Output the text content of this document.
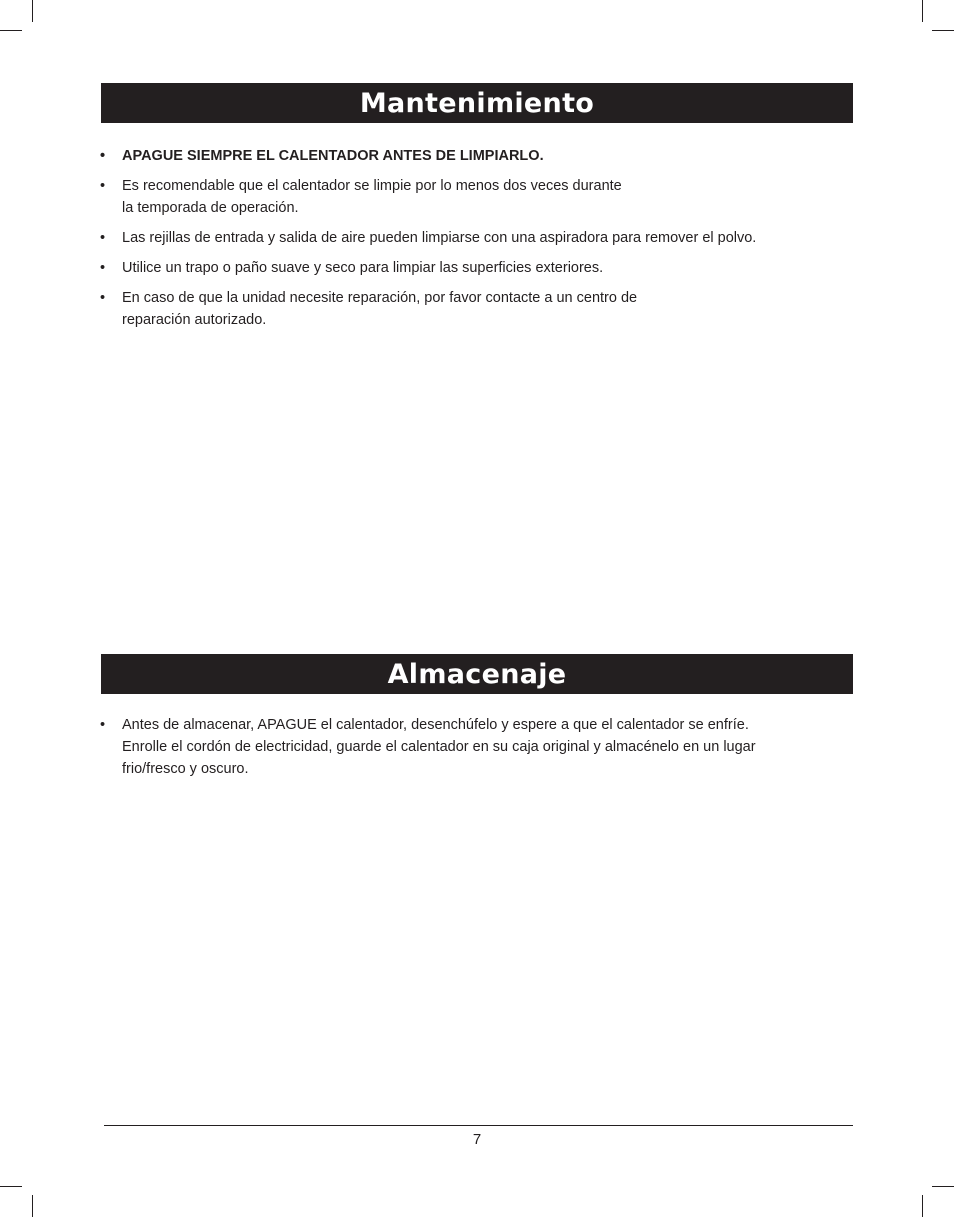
Mantenimiento
• APAGUE SIEMPRE EL CALENTADOR ANTES DE LIMPIARLO.
• Es recomendable que el calentador se limpie por lo menos dos veces durante
la temporada de operación.
• Las rejillas de entrada y salida de aire pueden limpiarse con una aspiradora para remover el polvo.
• Utilice un trapo o paño suave y seco para limpiar las superficies exteriores.
• En caso de que la unidad necesite reparación, por favor contacte a un centro de
reparación autorizado.
Almacenaje
• Antes de almacenar, APAGUE el calentador, desenchúfelo y espere a que el calentador se enfríe.
Enrolle el cordón de electricidad, guarde el calentador en su caja original y almacénelo en un lugar
frio/fresco y oscuro.
7
